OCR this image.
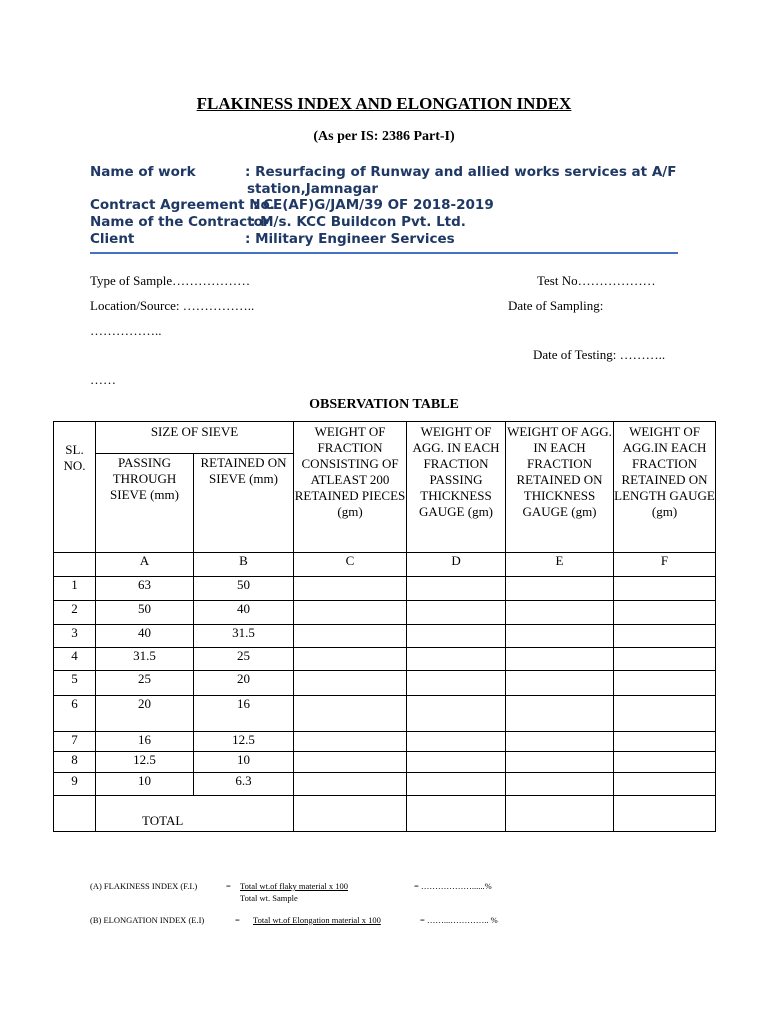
FLAKINESS INDEX AND ELONGATION INDEX
(As per IS: 2386 Part-I)
Name of work	: Resurfacing of Runway and allied works services at A/F
station,Jamnagar
Contract Agreement No.
: CE(AF)G/JAM/39 OF 2018-2019
Name of the Contractor
: M/s. KCC Buildcon Pvt. Ltd.
Client	: Military Engineer Services
Type of Sample………………	Test No………………
Location/Source: ……………..	Date of Sampling:
……………..
Date of Testing: ………..
……
OBSERVATION TABLE
SL. NO.	SIZE OF SIEVE		WEIGHT OF FRACTION CONSISTING OF ATLEAST 200 RETAINED PIECES (gm)	WEIGHT OF AGG. IN EACH FRACTION PASSING THICKNESS GAUGE (gm)	WEIGHT OF AGG. IN EACH FRACTION RETAINED ON THICKNESS GAUGE (gm)	WEIGHT OF AGG.IN EACH FRACTION RETAINED ON LENGTH GAUGE (gm)
	PASSING THROUGH SIEVE (mm)	RETAINED ON SIEVE (mm)				
	A	B	C	D	E	F
1	63	50				
2	50	40				
3	40	31.5				
4	31.5	25				
5	25	20				
6	20	16				
7	16	12.5				
8	12.5	10				
9	10	6.3				
	TOTAL					
(A) FLAKINESS INDEX (F.I.)	= Total wt.of flaky material x 100
Total wt. Sample
= ………………......%
(B) ELONGATION INDEX (E.I)	= Total wt.of Elongation material x 100	= ……...………….. %
